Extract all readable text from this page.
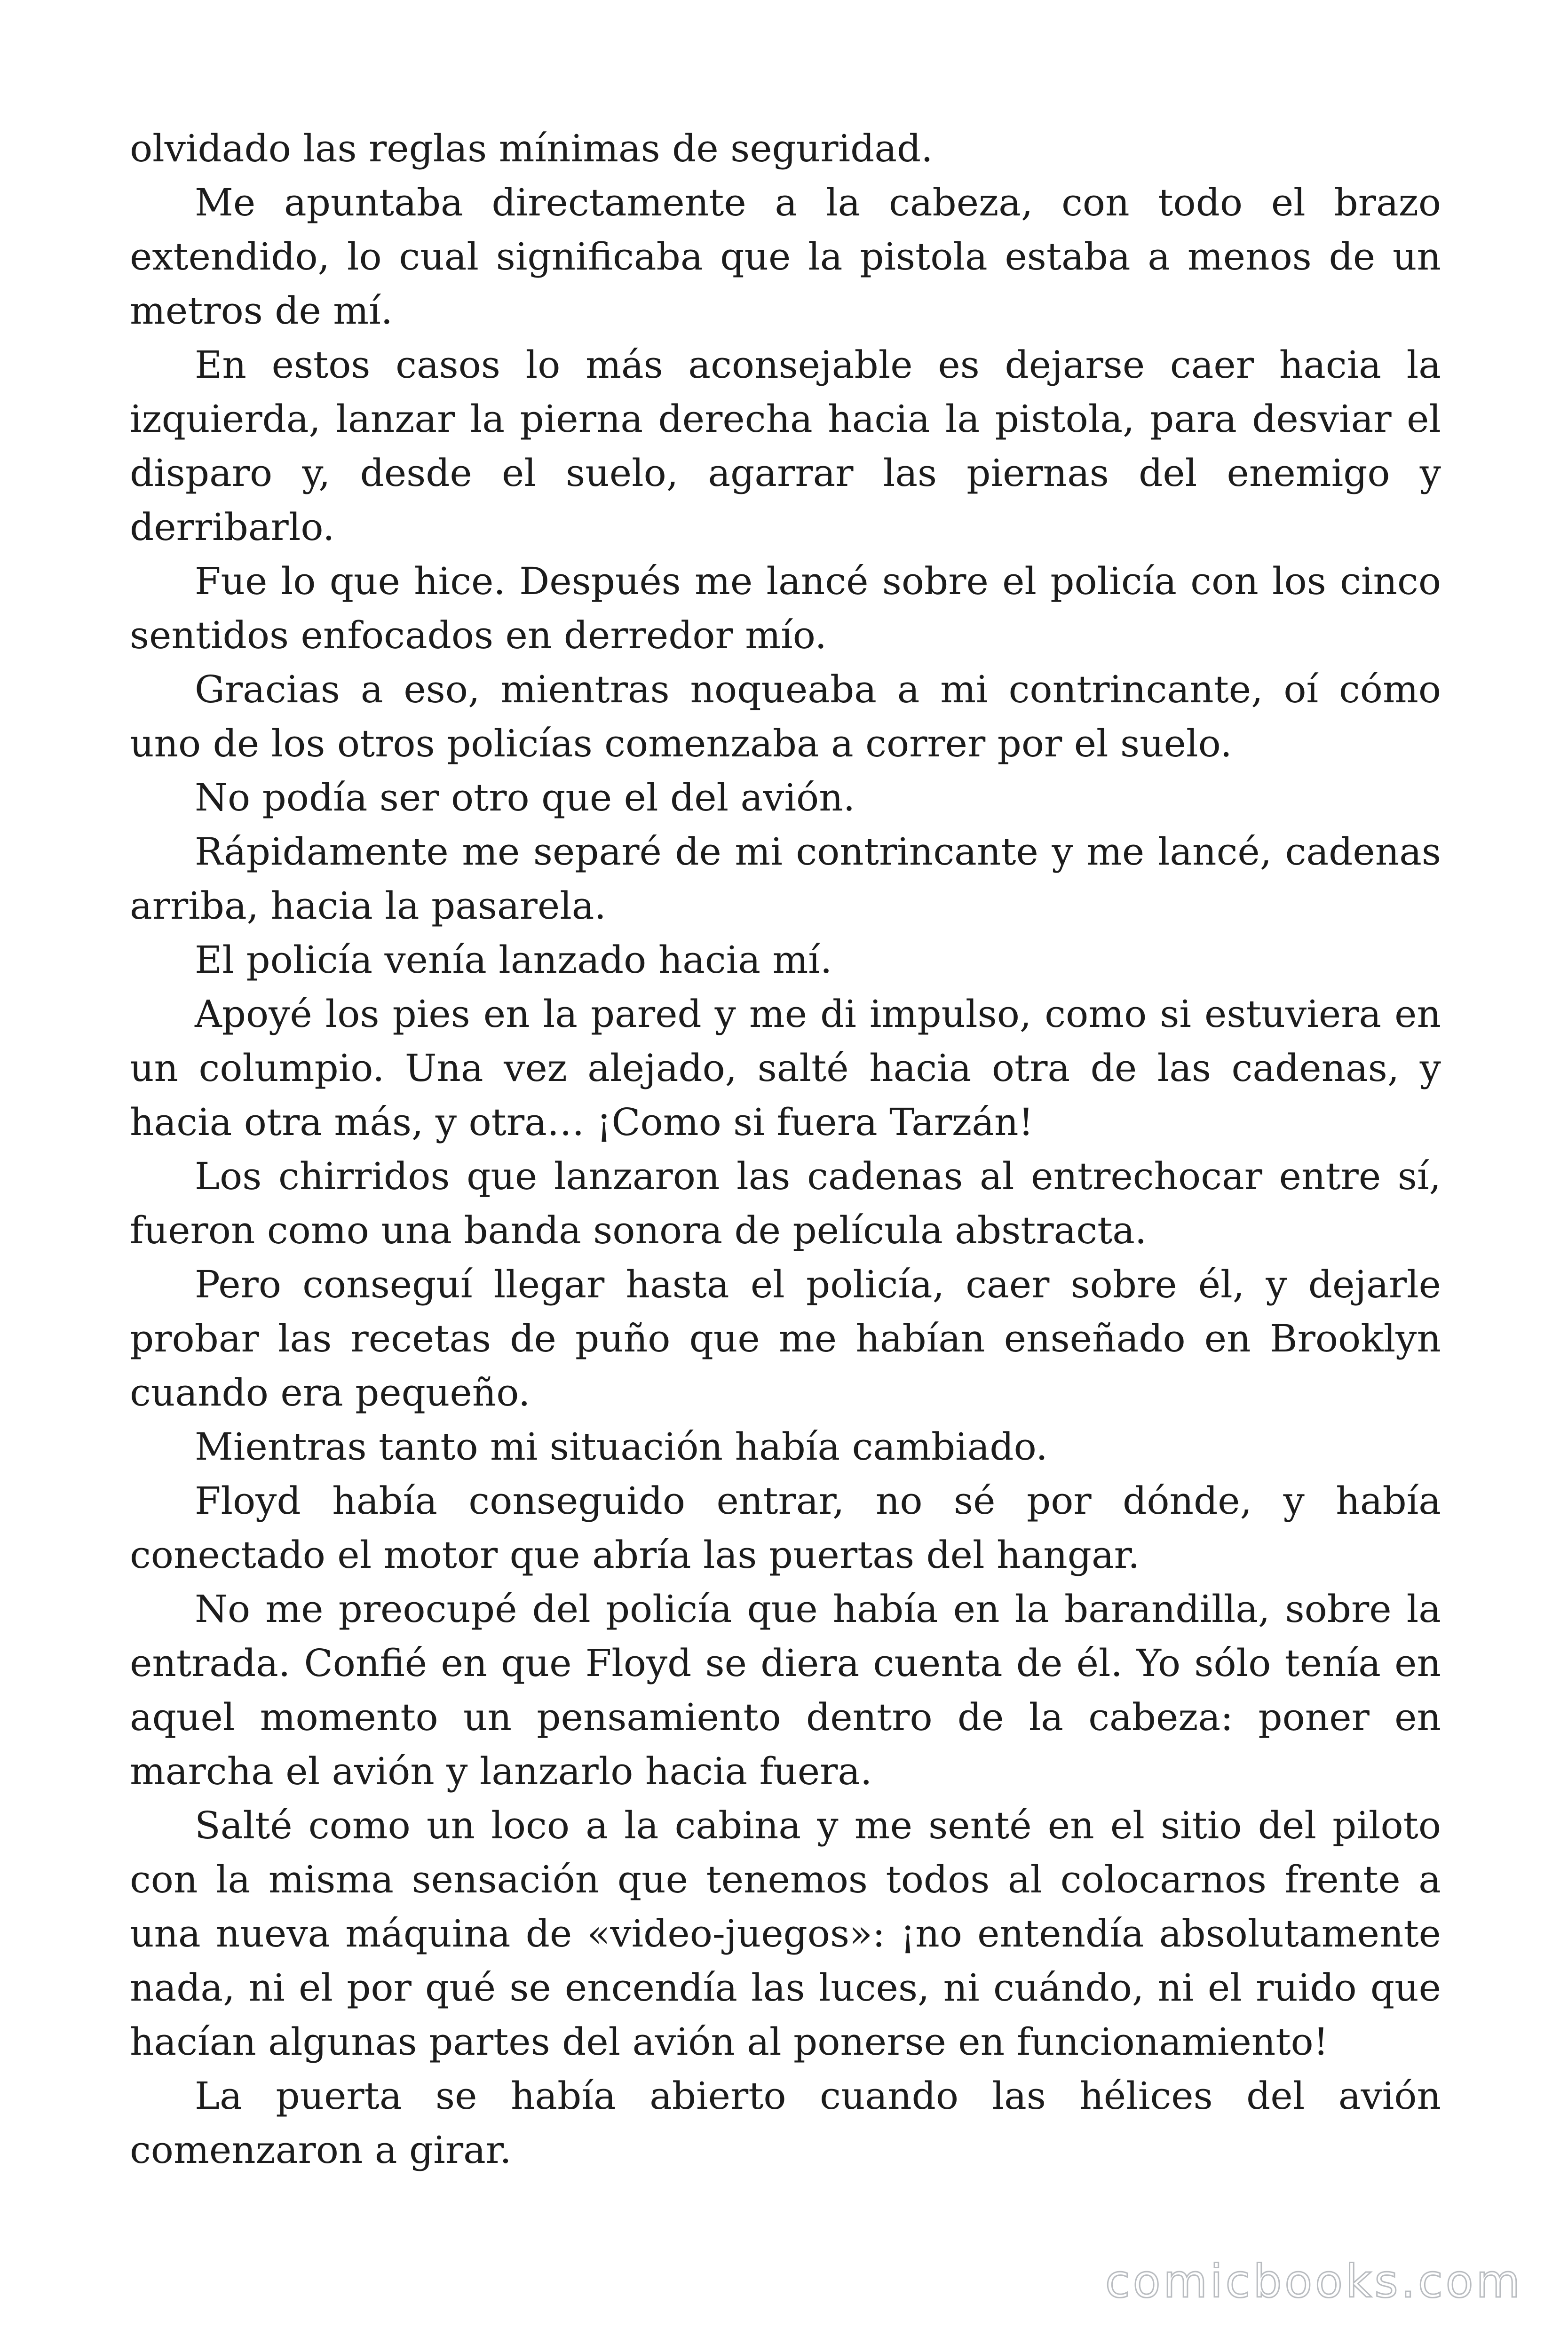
olvidado las reglas mínimas de seguridad.

Me apuntaba directamente a la cabeza, con todo el brazo extendido, lo cual significaba que la pistola estaba a menos de un metros de mí.

En estos casos lo más aconsejable es dejarse caer hacia la izquierda, lanzar la pierna derecha hacia la pistola, para desviar el disparo y, desde el suelo, agarrar las piernas del enemigo y derribarlo.

Fue lo que hice. Después me lancé sobre el policía con los cinco sentidos enfocados en derredor mío.

Gracias a eso, mientras noqueaba a mi contrincante, oí cómo uno de los otros policías comenzaba a correr por el suelo.

No podía ser otro que el del avión.

Rápidamente me separé de mi contrincante y me lancé, cadenas arriba, hacia la pasarela.

El policía venía lanzado hacia mí.

Apoyé los pies en la pared y me di impulso, como si estuviera en un columpio. Una vez alejado, salté hacia otra de las cadenas, y hacia otra más, y otra… ¡Como si fuera Tarzán!

Los chirridos que lanzaron las cadenas al entrechocar entre sí, fueron como una banda sonora de película abstracta.

Pero conseguí llegar hasta el policía, caer sobre él, y dejarle probar las recetas de puño que me habían enseñado en Brooklyn cuando era pequeño.

Mientras tanto mi situación había cambiado.

Floyd había conseguido entrar, no sé por dónde, y había conectado el motor que abría las puertas del hangar.

No me preocupé del policía que había en la barandilla, sobre la entrada. Confié en que Floyd se diera cuenta de él. Yo sólo tenía en aquel momento un pensamiento dentro de la cabeza: poner en marcha el avión y lanzarlo hacia fuera.

Salté como un loco a la cabina y me senté en el sitio del piloto con la misma sensación que tenemos todos al colocarnos frente a una nueva máquina de «video-juegos»: ¡no entendía absolutamente nada, ni el por qué se encendía las luces, ni cuándo, ni el ruido que hacían algunas partes del avión al ponerse en funcionamiento!

La puerta se había abierto cuando las hélices del avión comenzaron a girar.

comicbooks.com
